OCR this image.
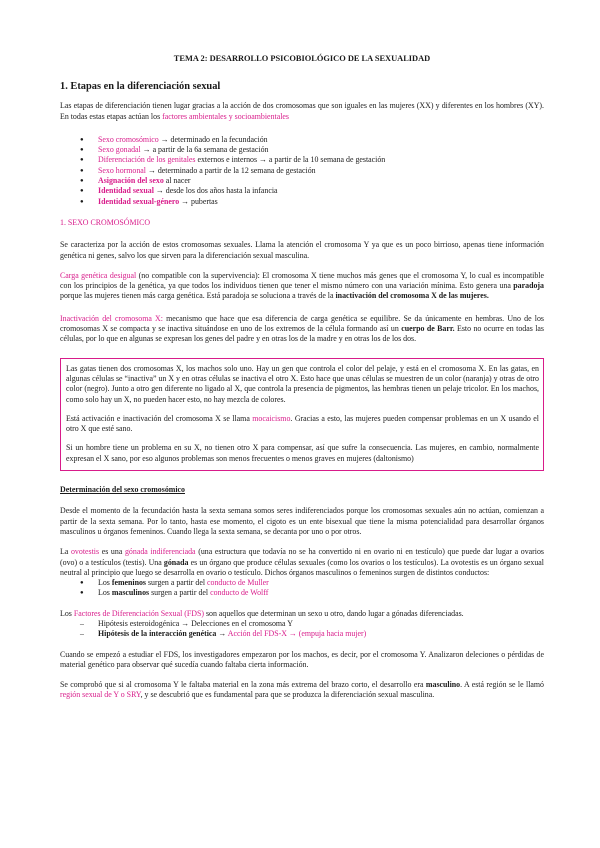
TEMA 2: DESARROLLO PSICOBIOLÓGICO DE LA SEXUALIDAD

1. Etapas en la diferenciación sexual

Las etapas de diferenciación tienen lugar gracias a la acción de dos cromosomas que son iguales en las mujeres (XX) y diferentes en los hombres (XY). En todas estas etapas actúan los factores ambientales y socioambientales

● Sexo cromosómico → determinado en la fecundación
● Sexo gonadal → a partir de la 6a semana de gestación
● Diferenciación de los genitales externos e internos → a partir de la 10 semana de gestación
● Sexo hormonal → determinado a partir de la 12 semana de gestación
● Asignación del sexo al nacer
● Identidad sexual → desde los dos años hasta la infancia
● Identidad sexual-género → pubertas

1. SEXO CROMOSÓMICO

Se caracteriza por la acción de estos cromosomas sexuales. Llama la atención el cromosoma Y ya que es un poco birrioso, apenas tiene información genética ni genes, salvo los que sirven para la diferenciación sexual masculina.

Carga genética desigual (no compatible con la supervivencia): El cromosoma X tiene muchos más genes que el cromosoma Y, lo cual es incompatible con los principios de la genética, ya que todos los individuos tienen que tener el mismo número con una variación mínima. Esto genera una paradoja porque las mujeres tienen más carga genética. Está paradoja se soluciona a través de la inactivación del cromosoma X de las mujeres.

Inactivación del cromosoma X: mecanismo que hace que esa diferencia de carga genética se equilibre. Se da únicamente en hembras. Uno de los cromosomas X se compacta y se inactiva situándose en uno de los extremos de la célula formando así un cuerpo de Barr. Esto no ocurre en todas las células, por lo que en algunas se expresan los genes del padre y en otras los de la madre y en otras los de los dos.

Las gatas tienen dos cromosomas X, los machos solo uno. Hay un gen que controla el color del pelaje, y está en el cromosoma X. En las gatas, en algunas células se “inactiva” un X y en otras células se inactiva el otro X. Esto hace que unas células se muestren de un color (naranja) y otras de otro color (negro). Junto a otro gen diferente no ligado al X, que controla la presencia de pigmentos, las hembras tienen un pelaje tricolor. En los machos, como solo hay un X, no pueden hacer esto, no hay mezcla de colores.

Está activación e inactivación del cromosoma X se llama mocaicismo. Gracias a esto, las mujeres pueden compensar problemas en un X usando el otro X que esté sano.

Si un hombre tiene un problema en su X, no tienen otro X para compensar, así que sufre la consecuencia. Las mujeres, en cambio, normalmente expresan el X sano, por eso algunos problemas son menos frecuentes o menos graves en mujeres (daltonismo)

Determinación del sexo cromosómico

Desde el momento de la fecundación hasta la sexta semana somos seres indiferenciados porque los cromosomas sexuales aún no actúan, comienzan a partir de la sexta semana. Por lo tanto, hasta ese momento, el cigoto es un ente bisexual que tiene la misma potencialidad para desarrollar órganos masculinos u órganos femeninos. Cuando llega la sexta semana, se decanta por uno o por otros.

La ovotestis es una gónada indiferenciada (una estructura que todavía no se ha convertido ni en ovario ni en testículo) que puede dar lugar a ovarios (ovo) o a testículos (testis). Una gónada es un órgano que produce células sexuales (como los ovarios o los testículos). La ovotestis es un órgano sexual neutral al principio que luego se desarrolla en ovario o testículo. Dichos órganos masculinos o femeninos surgen de distintos conductos:

● Los femeninos surgen a partir del conducto de Muller
● Los masculinos surgen a partir del conducto de Wolff

Los Factores de Diferenciación Sexual (FDS) son aquellos que determinan un sexo u otro, dando lugar a gónadas diferenciadas.

– Hipótesis esteroidogénica → Delecciones en el cromosoma Y
– Hipótesis de la interacción genética → Acción del FDS-X → (empuja hacia mujer)

Cuando se empezó a estudiar el FDS, los investigadores empezaron por los machos, es decir, por el cromosoma Y. Analizaron deleciones o pérdidas de material genético para observar qué sucedía cuando faltaba cierta información.

Se comprobó que si al cromosoma Y le faltaba material en la zona más extrema del brazo corto, el desarrollo era masculino. A está región se le llamó región sexual de Y o SRY, y se descubrió que es fundamental para que se produzca la diferenciación sexual masculina.
